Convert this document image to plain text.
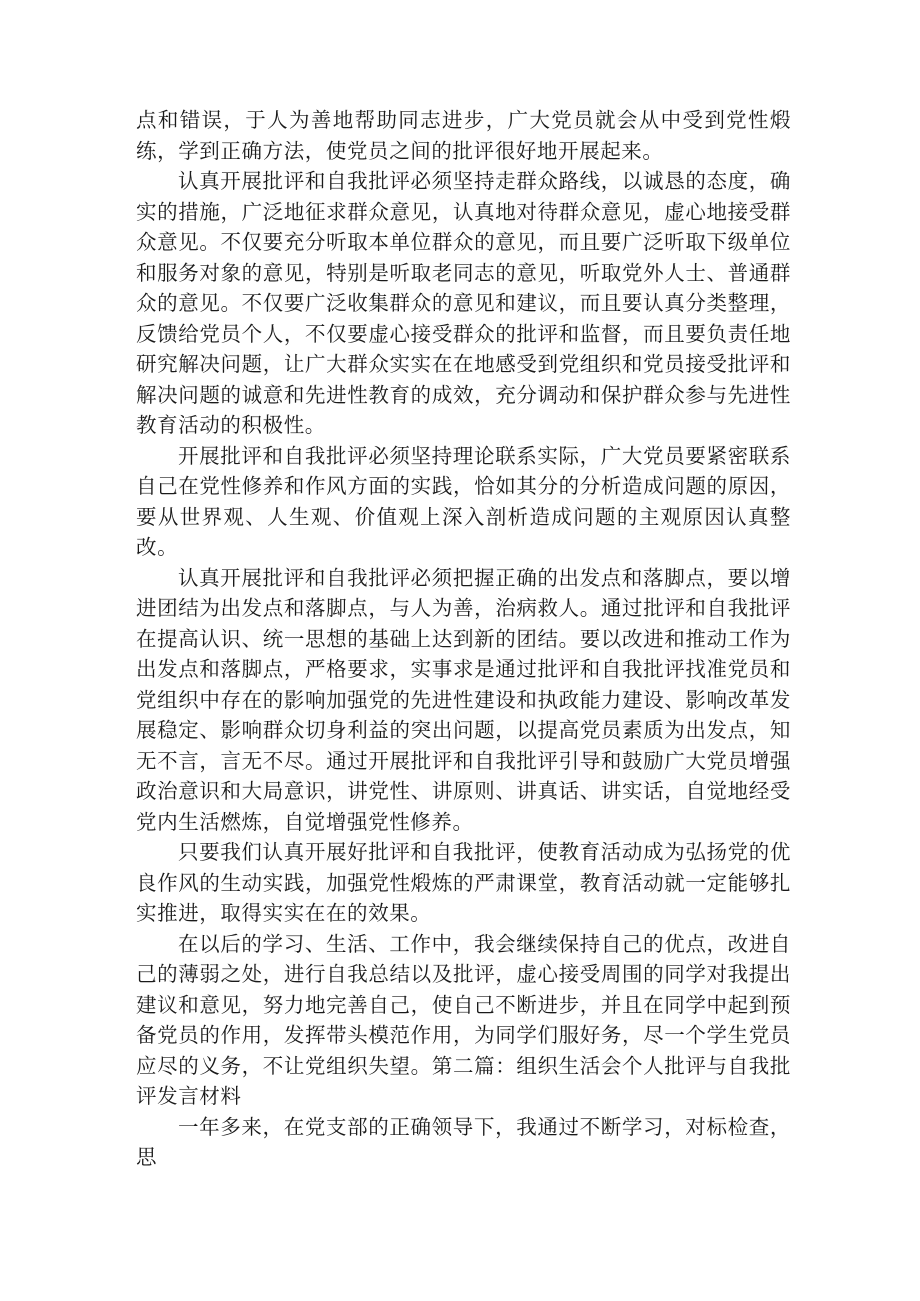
点和错误，于人为善地帮助同志进步，广大党员就会从中受到党性煅练，学到正确方法，使党员之间的批评很好地开展起来。

认真开展批评和自我批评必须坚持走群众路线，以诚恳的态度，确实的措施，广泛地征求群众意见，认真地对待群众意见，虚心地接受群众意见。不仅要充分听取本单位群众的意见，而且要广泛听取下级单位和服务对象的意见，特别是听取老同志的意见，听取党外人士、普通群众的意见。不仅要广泛收集群众的意见和建议，而且要认真分类整理，反馈给党员个人，不仅要虚心接受群众的批评和监督，而且要负责任地研究解决问题，让广大群众实实在在地感受到党组织和党员接受批评和解决问题的诚意和先进性教育的成效，充分调动和保护群众参与先进性教育活动的积极性。

开展批评和自我批评必须坚持理论联系实际，广大党员要紧密联系自己在党性修养和作风方面的实践，恰如其分的分析造成问题的原因，要从世界观、人生观、价值观上深入剖析造成问题的主观原因认真整改。

认真开展批评和自我批评必须把握正确的出发点和落脚点，要以增进团结为出发点和落脚点，与人为善，治病救人。通过批评和自我批评在提高认识、统一思想的基础上达到新的团结。要以改进和推动工作为出发点和落脚点，严格要求，实事求是通过批评和自我批评找准党员和党组织中存在的影响加强党的先进性建设和执政能力建设、影响改革发展稳定、影响群众切身利益的突出问题，以提高党员素质为出发点，知无不言，言无不尽。通过开展批评和自我批评引导和鼓励广大党员增强政治意识和大局意识，讲党性、讲原则、讲真话、讲实话，自觉地经受党内生活燃炼，自觉增强党性修养。

只要我们认真开展好批评和自我批评，使教育活动成为弘扬党的优良作风的生动实践，加强党性煅炼的严肃课堂，教育活动就一定能够扎实推进，取得实实在在的效果。

在以后的学习、生活、工作中，我会继续保持自己的优点，改进自己的薄弱之处，进行自我总结以及批评，虚心接受周围的同学对我提出建议和意见，努力地完善自己，使自己不断进步，并且在同学中起到预备党员的作用，发挥带头模范作用，为同学们服好务，尽一个学生党员应尽的义务，不让党组织失望。第二篇：组织生活会个人批评与自我批评发言材料

一年多来，在党支部的正确领导下，我通过不断学习，对标检查，思
